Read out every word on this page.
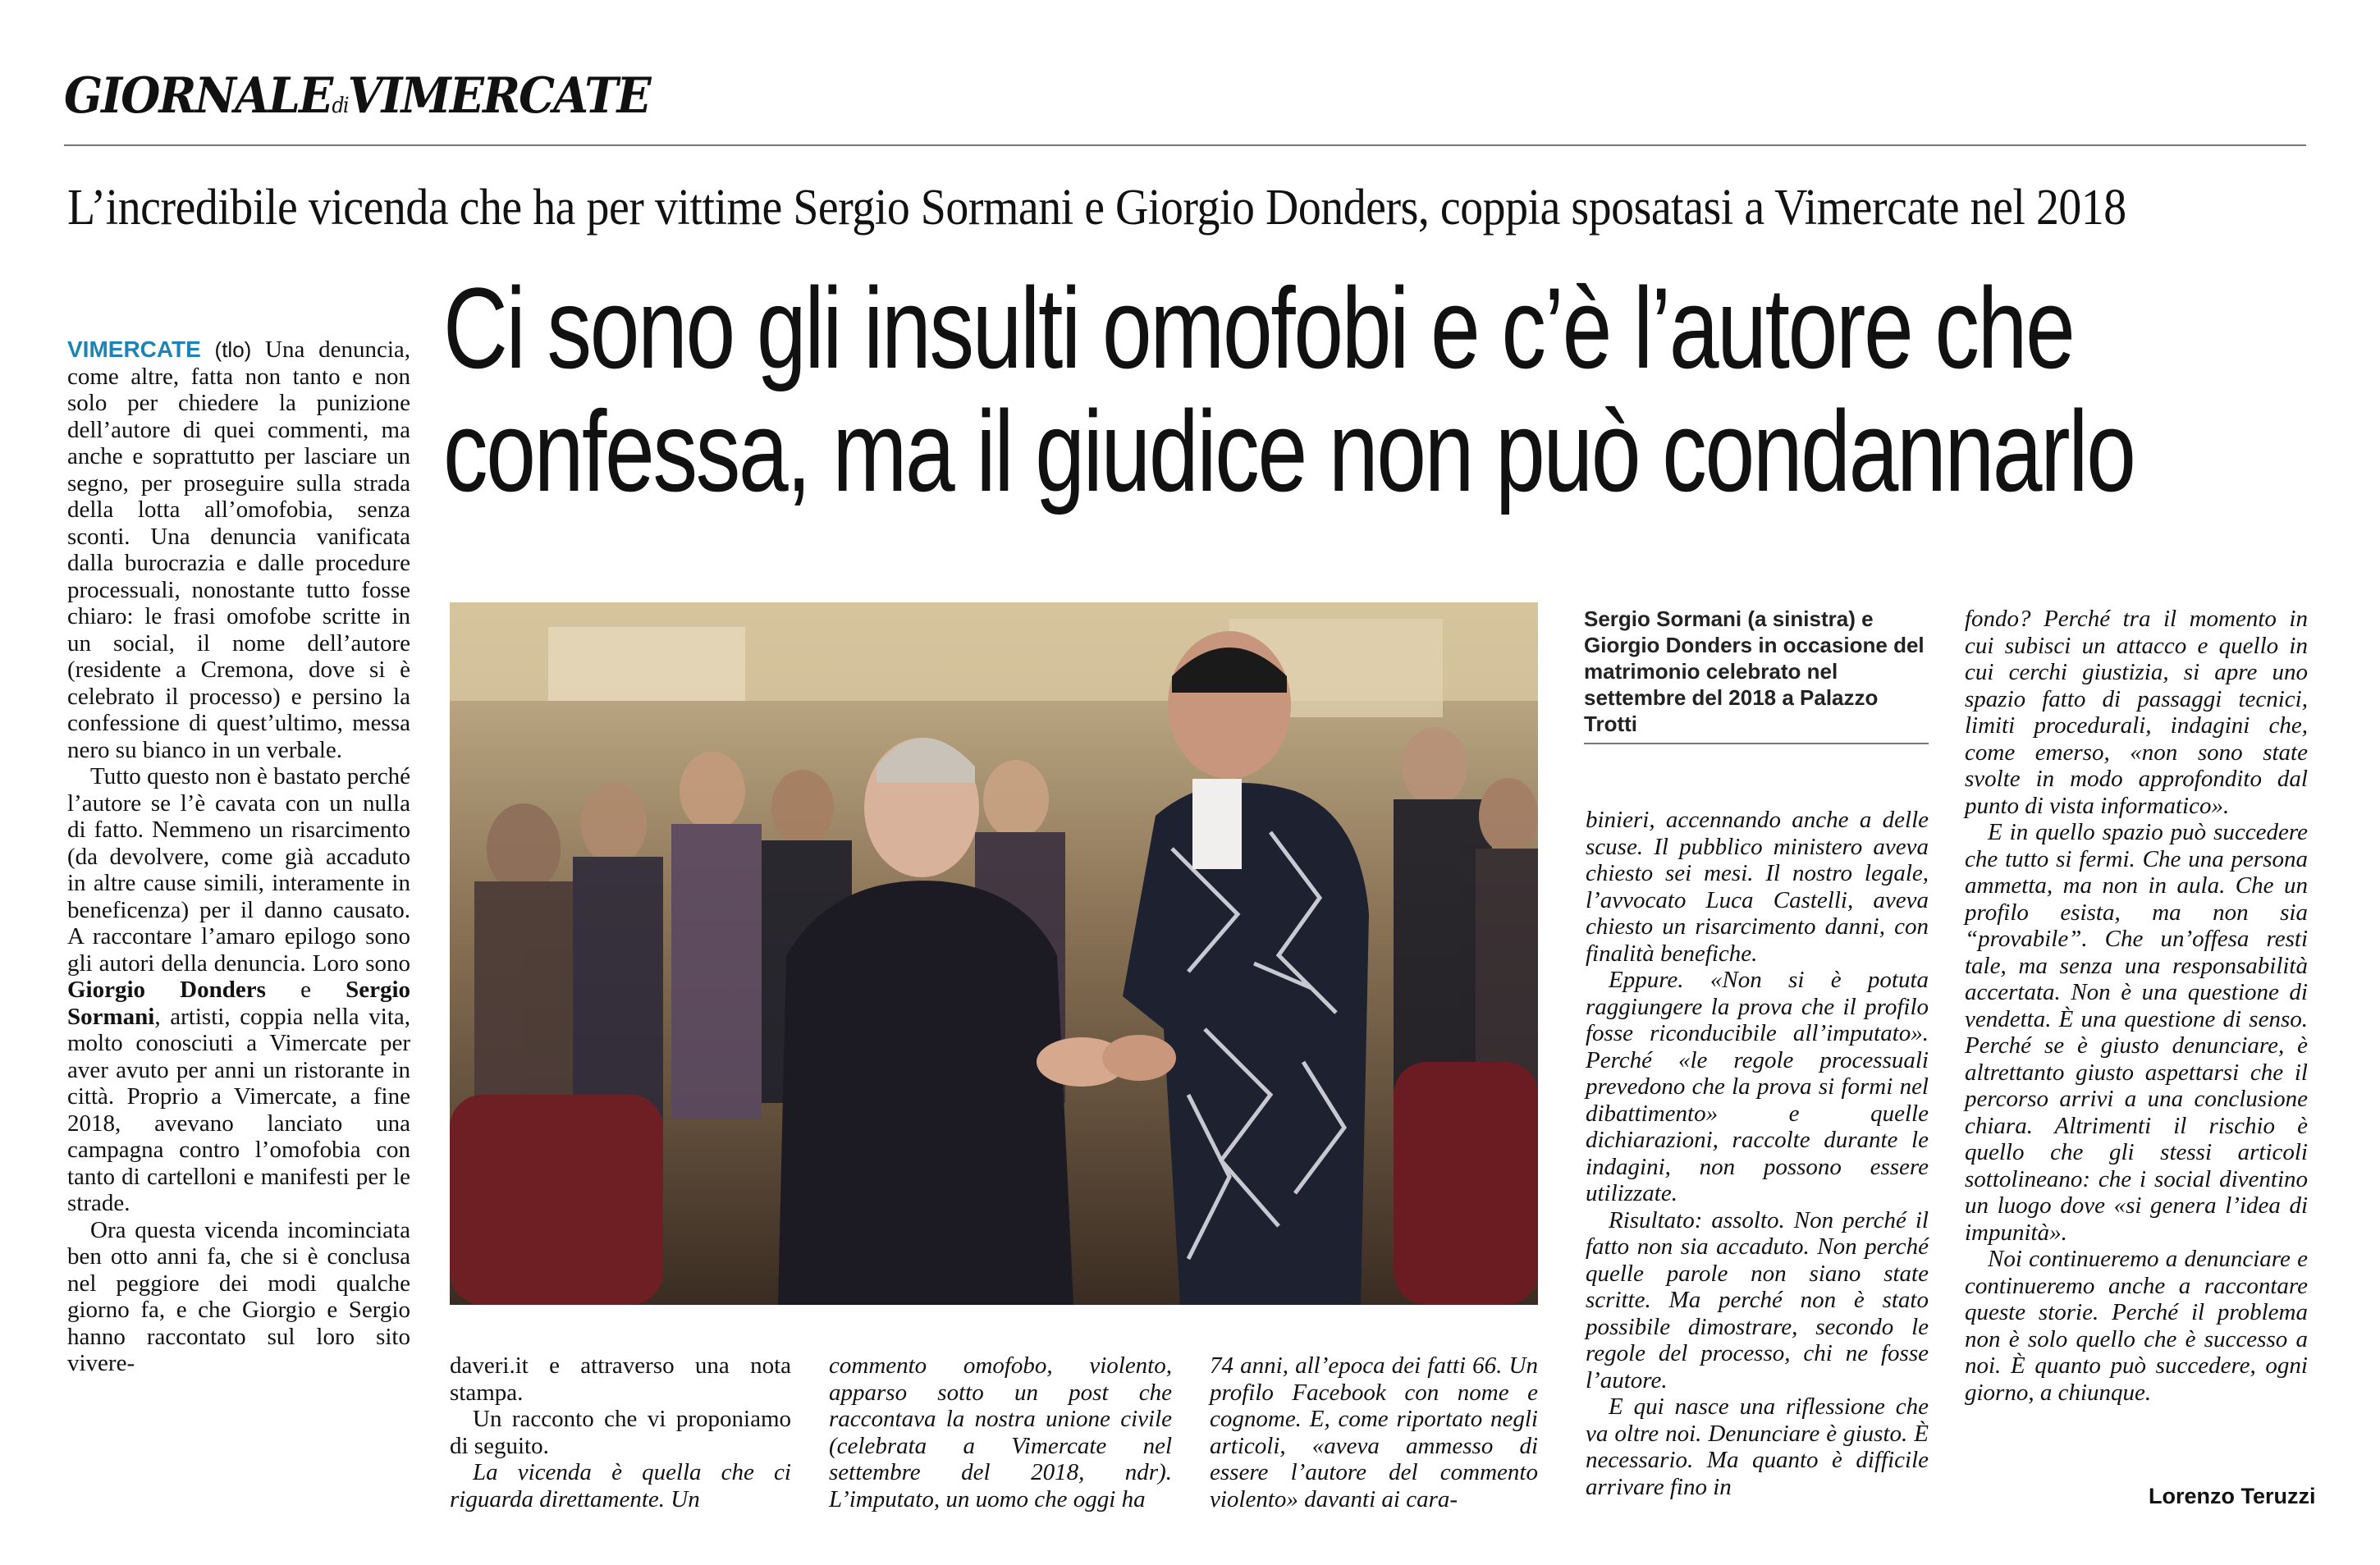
GIORNALEdiVIMERCATE
L’incredibile vicenda che ha per vittime Sergio Sormani e Giorgio Donders, coppia sposatasi a Vimercate nel 2018
Ci sono gli insulti omofobi e c’è l’autore che
confessa, ma il giudice non può condannarlo

VIMERCATE (tlo) Una denuncia, come altre, fatta non tanto e non solo per chiedere la punizione dell’autore di quei commenti, ma anche e soprattutto per lasciare un segno, per proseguire sulla strada della lotta all’omofobia, senza sconti. Una denuncia vanificata dalla burocrazia e dalle procedure processuali, nonostante tutto fosse chiaro: le frasi omofobe scritte in un social, il nome dell’autore (residente a Cremona, dove si è celebrato il processo) e persino la confessione di quest’ultimo, messa nero su bianco in un verbale.

Tutto questo non è bastato perché l’autore se l’è cavata con un nulla di fatto. Nemmeno un risarcimento (da devolvere, come già accaduto in altre cause simili, interamente in beneficenza) per il danno causato. A raccontare l’amaro epilogo sono gli autori della denuncia. Loro sono Giorgio Donders e Sergio Sormani, artisti, coppia nella vita, molto conosciuti a Vimercate per aver avuto per anni un ristorante in città. Proprio a Vimercate, a fine 2018, avevano lanciato una campagna contro l’omofobia con tanto di cartelloni e manifesti per le strade.

Ora questa vicenda incominciata ben otto anni fa, che si è conclusa nel peggiore dei modi qualche giorno fa, e che Giorgio e Sergio hanno raccontato sul loro sito vivere-

Sergio Sormani (a sinistra) e Giorgio Donders in occasione del matrimonio celebrato nel settembre del 2018 a Palazzo Trotti

daveri.it e attraverso una nota stampa.

Un racconto che vi proponiamo di seguito.

La vicenda è quella che ci riguarda direttamente. Un

commento omofobo, violento, apparso sotto un post che raccontava la nostra unione civile (celebrata a Vimercate nel settembre del 2018, ndr). L’imputato, un uomo che oggi ha

74 anni, all’epoca dei fatti 66. Un profilo Facebook con nome e cognome. E, come riportato negli articoli, «aveva ammesso di essere l’autore del commento violento» davanti ai cara-

binieri, accennando anche a delle scuse. Il pubblico ministero aveva chiesto sei mesi. Il nostro legale, l’avvocato Luca Castelli, aveva chiesto un risarcimento danni, con finalità benefiche.

Eppure. «Non si è potuta raggiungere la prova che il profilo fosse riconducibile all’imputato». Perché «le regole processuali prevedono che la prova si formi nel dibattimento» e quelle dichiarazioni, raccolte durante le indagini, non possono essere utilizzate.

Risultato: assolto. Non perché il fatto non sia accaduto. Non perché quelle parole non siano state scritte. Ma perché non è stato possibile dimostrare, secondo le regole del processo, chi ne fosse l’autore.

E qui nasce una riflessione che va oltre noi. Denunciare è giusto. È necessario. Ma quanto è difficile arrivare fino in

fondo? Perché tra il momento in cui subisci un attacco e quello in cui cerchi giustizia, si apre uno spazio fatto di passaggi tecnici, limiti procedurali, indagini che, come emerso, «non sono state svolte in modo approfondito dal punto di vista informatico».

E in quello spazio può succedere che tutto si fermi. Che una persona ammetta, ma non in aula. Che un profilo esista, ma non sia “provabile”. Che un’offesa resti tale, ma senza una responsabilità accertata. Non è una questione di vendetta. È una questione di senso. Perché se è giusto denunciare, è altrettanto giusto aspettarsi che il percorso arrivi a una conclusione chiara. Altrimenti il rischio è quello che gli stessi articoli sottolineano: che i social diventino un luogo dove «si genera l’idea di impunità».

Noi continueremo a denunciare e continueremo anche a raccontare queste storie. Perché il problema non è solo quello che è successo a noi. È quanto può succedere, ogni giorno, a chiunque.

Lorenzo Teruzzi
